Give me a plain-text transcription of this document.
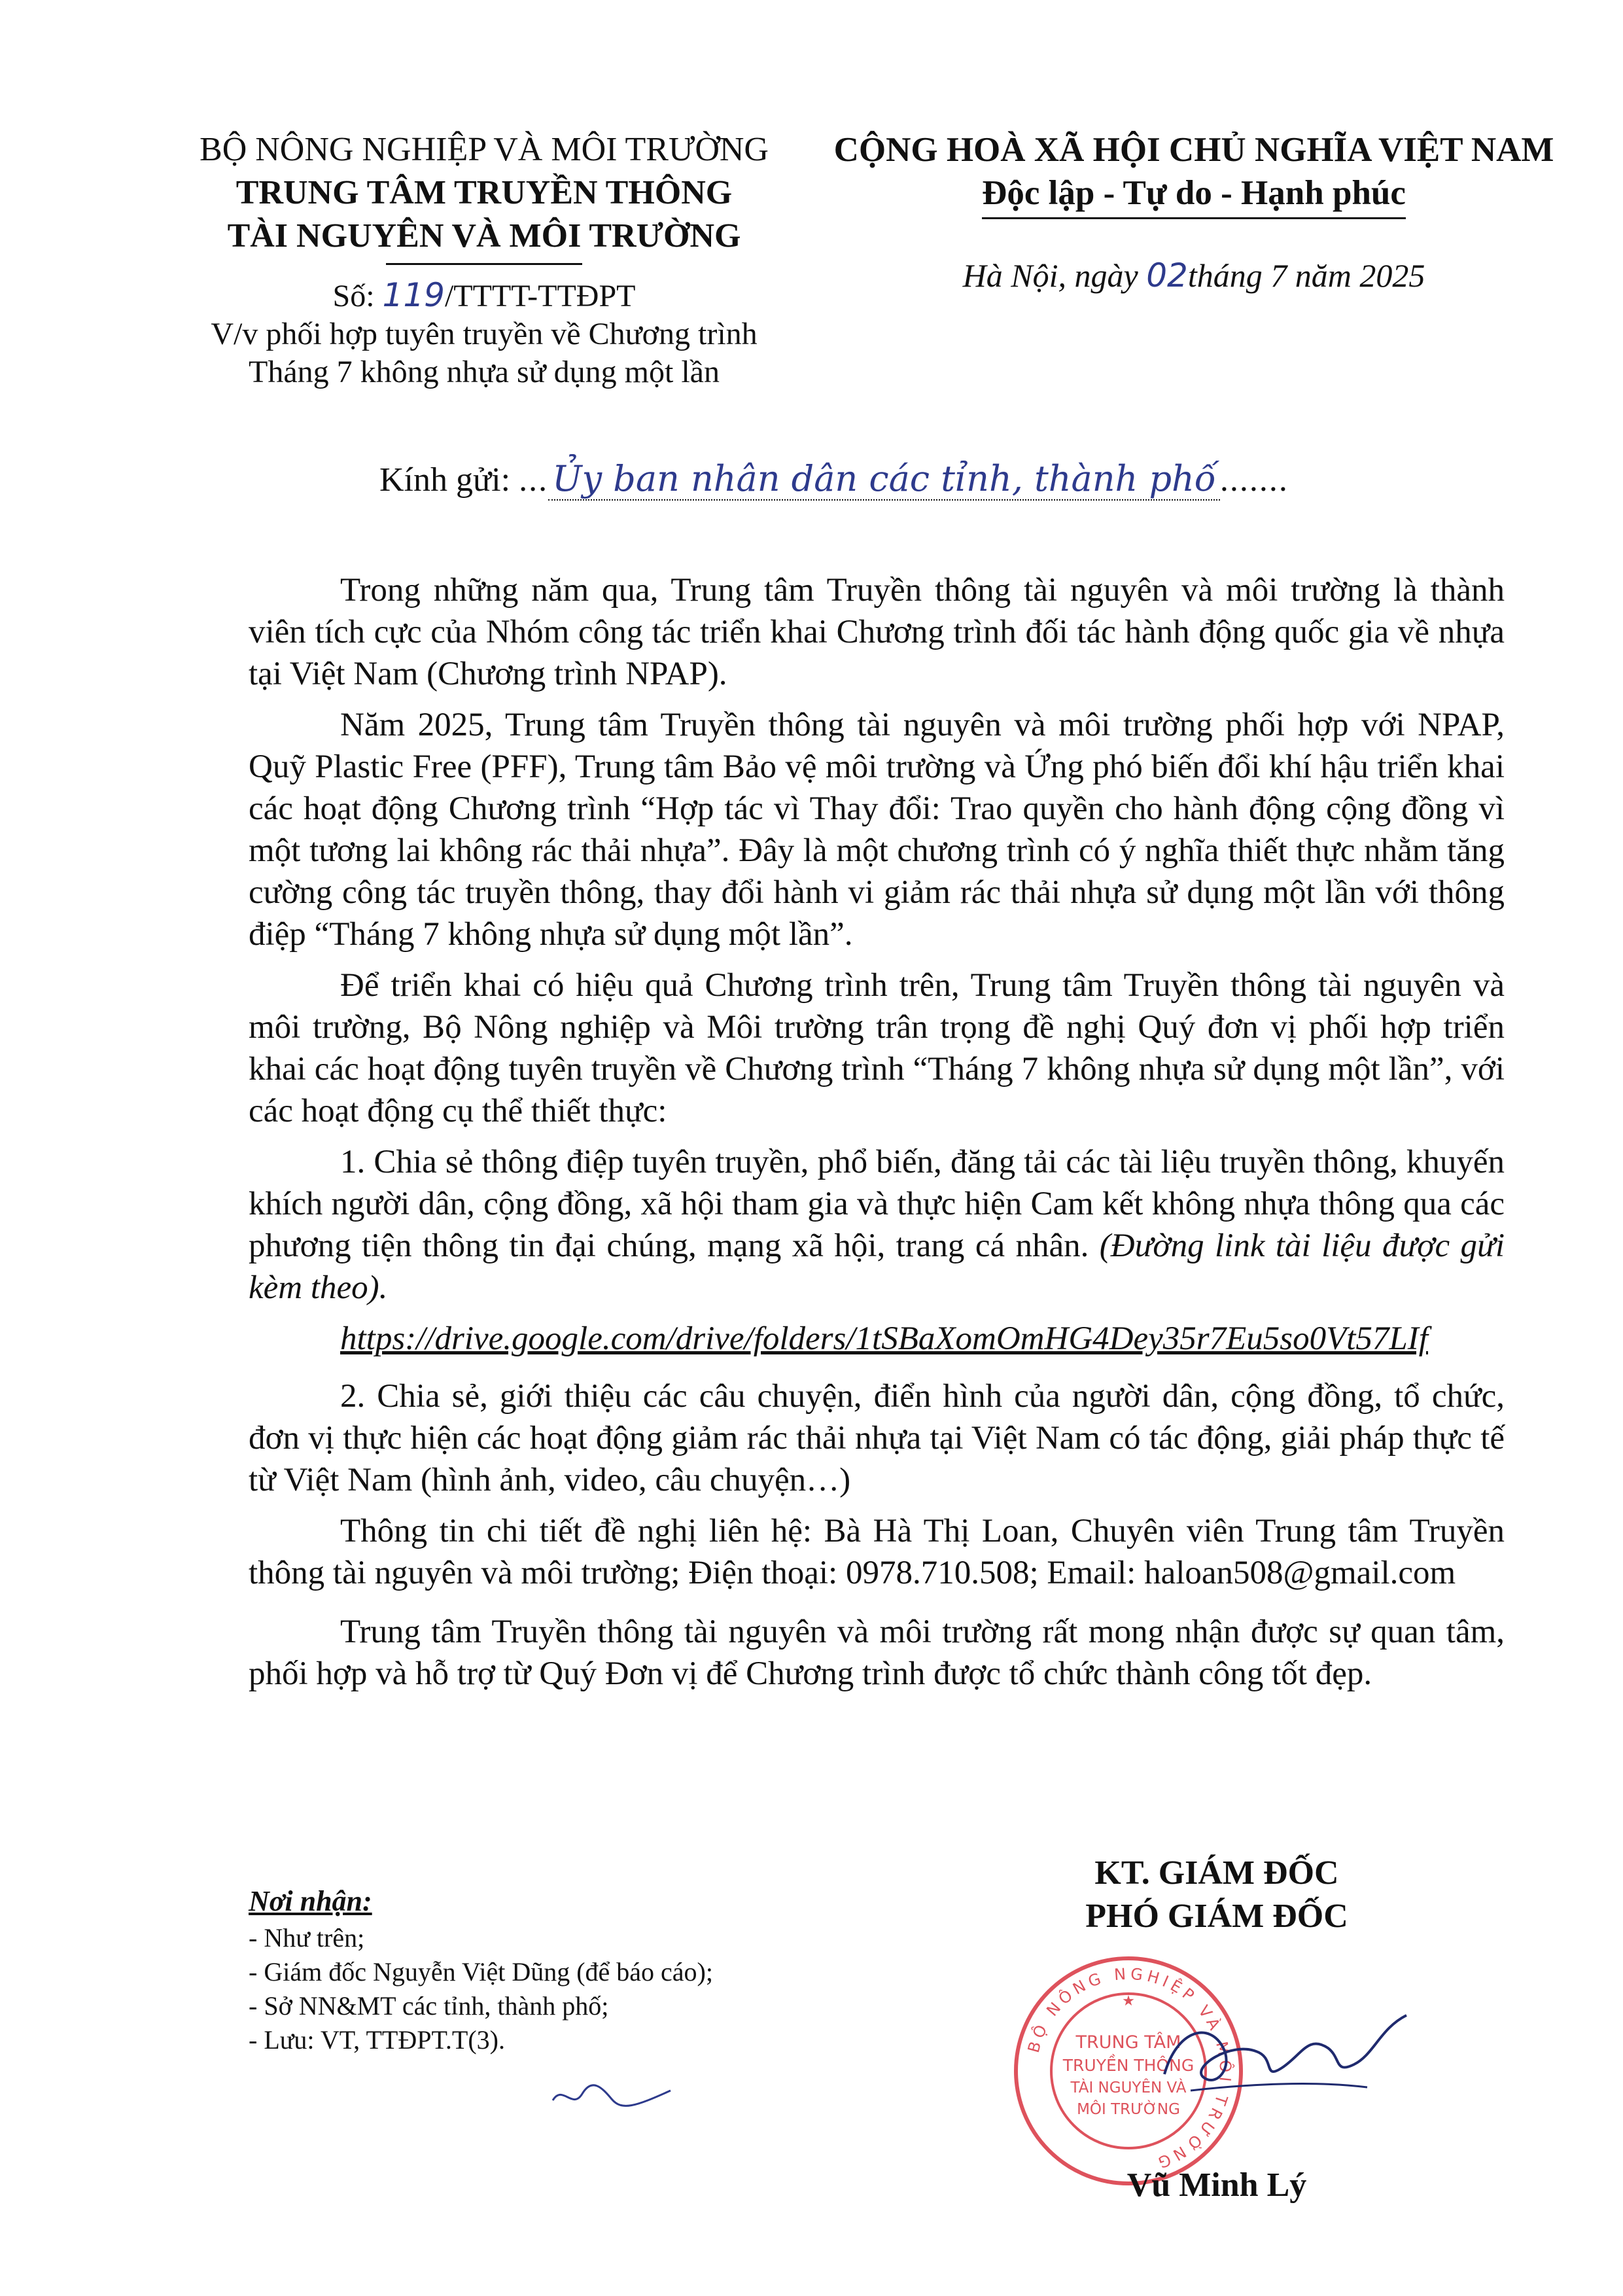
BỘ NÔNG NGHIỆP VÀ MÔI TRƯỜNG
TRUNG TÂM TRUYỀN THÔNG
TÀI NGUYÊN VÀ MÔI TRƯỜNG
CỘNG HOÀ XÃ HỘI CHỦ NGHĨA VIỆT NAM
Độc lập - Tự do - Hạnh phúc
Số: 119/TTTT-TTĐPT
Hà Nội, ngày 02tháng 7 năm 2025
V/v phối hợp tuyên truyền về Chương trình
Tháng 7 không nhựa sử dụng một lần
Kính gửi: ... Ủy ban nhân dân các tỉnh, thành phố .......

Trong những năm qua, Trung tâm Truyền thông tài nguyên và môi trường là thành viên tích cực của Nhóm công tác triển khai Chương trình đối tác hành động quốc gia về nhựa tại Việt Nam (Chương trình NPAP).

Năm 2025, Trung tâm Truyền thông tài nguyên và môi trường phối hợp với NPAP, Quỹ Plastic Free (PFF), Trung tâm Bảo vệ môi trường và Ứng phó biến đổi khí hậu triển khai các hoạt động Chương trình “Hợp tác vì Thay đổi: Trao quyền cho hành động cộng đồng vì một tương lai không rác thải nhựa”. Đây là một chương trình có ý nghĩa thiết thực nhằm tăng cường công tác truyền thông, thay đổi hành vi giảm rác thải nhựa sử dụng một lần với thông điệp “Tháng 7 không nhựa sử dụng một lần”.

Để triển khai có hiệu quả Chương trình trên, Trung tâm Truyền thông tài nguyên và môi trường, Bộ Nông nghiệp và Môi trường trân trọng đề nghị Quý đơn vị phối hợp triển khai các hoạt động tuyên truyền về Chương trình “Tháng 7 không nhựa sử dụng một lần”, với các hoạt động cụ thể thiết thực:

1. Chia sẻ thông điệp tuyên truyền, phổ biến, đăng tải các tài liệu truyền thông, khuyến khích người dân, cộng đồng, xã hội tham gia và thực hiện Cam kết không nhựa thông qua các phương tiện thông tin đại chúng, mạng xã hội, trang cá nhân. (Đường link tài liệu được gửi kèm theo).

https://drive.google.com/drive/folders/1tSBaXomOmHG4Dey35r7Eu5so0Vt57LIf

2. Chia sẻ, giới thiệu các câu chuyện, điển hình của người dân, cộng đồng, tổ chức, đơn vị thực hiện các hoạt động giảm rác thải nhựa tại Việt Nam có tác động, giải pháp thực tế từ Việt Nam (hình ảnh, video, câu chuyện…)

Thông tin chi tiết đề nghị liên hệ: Bà Hà Thị Loan, Chuyên viên Trung tâm Truyền thông tài nguyên và môi trường; Điện thoại: 0978.710.508; Email: haloan508@gmail.com

Trung tâm Truyền thông tài nguyên và môi trường rất mong nhận được sự quan tâm, phối hợp và hỗ trợ từ Quý Đơn vị để Chương trình được tổ chức thành công tốt đẹp.

Nơi nhận:
- Như trên;
- Giám đốc Nguyễn Việt Dũng (để báo cáo);
- Sở NN&MT các tỉnh, thành phố;
- Lưu: VT, TTĐPT.T(3).
KT. GIÁM ĐỐC
PHÓ GIÁM ĐỐC
BỘ NÔNG NGHIỆP VÀ MÔI TRƯỜNG
TRUNG TÂM
TRUYỀN THÔNG
TÀI NGUYÊN VÀ
MÔI TRƯỜNG
★
Vũ Minh Lý
